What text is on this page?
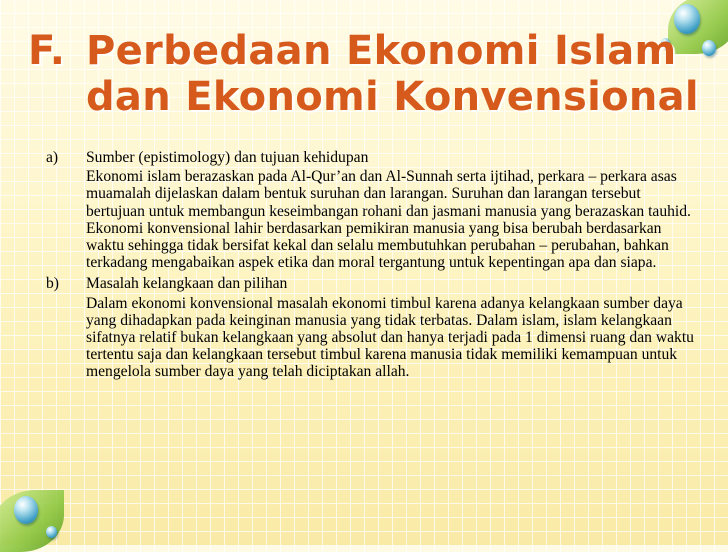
F. Perbedaan Ekonomi Islam
dan Ekonomi Konvensional
a)	Sumber (epistimology) dan tujuan kehidupan
Ekonomi islam berazaskan pada Al-Qur’an dan Al-Sunnah serta ijtihad, perkara – perkara asas muamalah dijelaskan dalam bentuk suruhan dan larangan. Suruhan dan larangan tersebut bertujuan untuk membangun keseimbangan rohani dan jasmani manusia yang berazaskan tauhid. Ekonomi konvensional lahir berdasarkan pemikiran manusia yang bisa berubah berdasarkan waktu sehingga tidak bersifat kekal dan selalu membutuhkan perubahan – perubahan, bahkan terkadang mengabaikan aspek etika dan moral tergantung untuk kepentingan apa dan siapa.
b)	Masalah kelangkaan dan pilihan
Dalam ekonomi konvensional masalah ekonomi timbul karena adanya kelangkaan sumber daya yang dihadapkan pada keinginan manusia yang tidak terbatas. Dalam islam, islam kelangkaan sifatnya relatif bukan kelangkaan yang absolut dan hanya terjadi pada 1 dimensi ruang dan waktu tertentu saja dan kelangkaan tersebut timbul karena manusia tidak memiliki kemampuan untuk mengelola sumber daya yang telah diciptakan allah.
